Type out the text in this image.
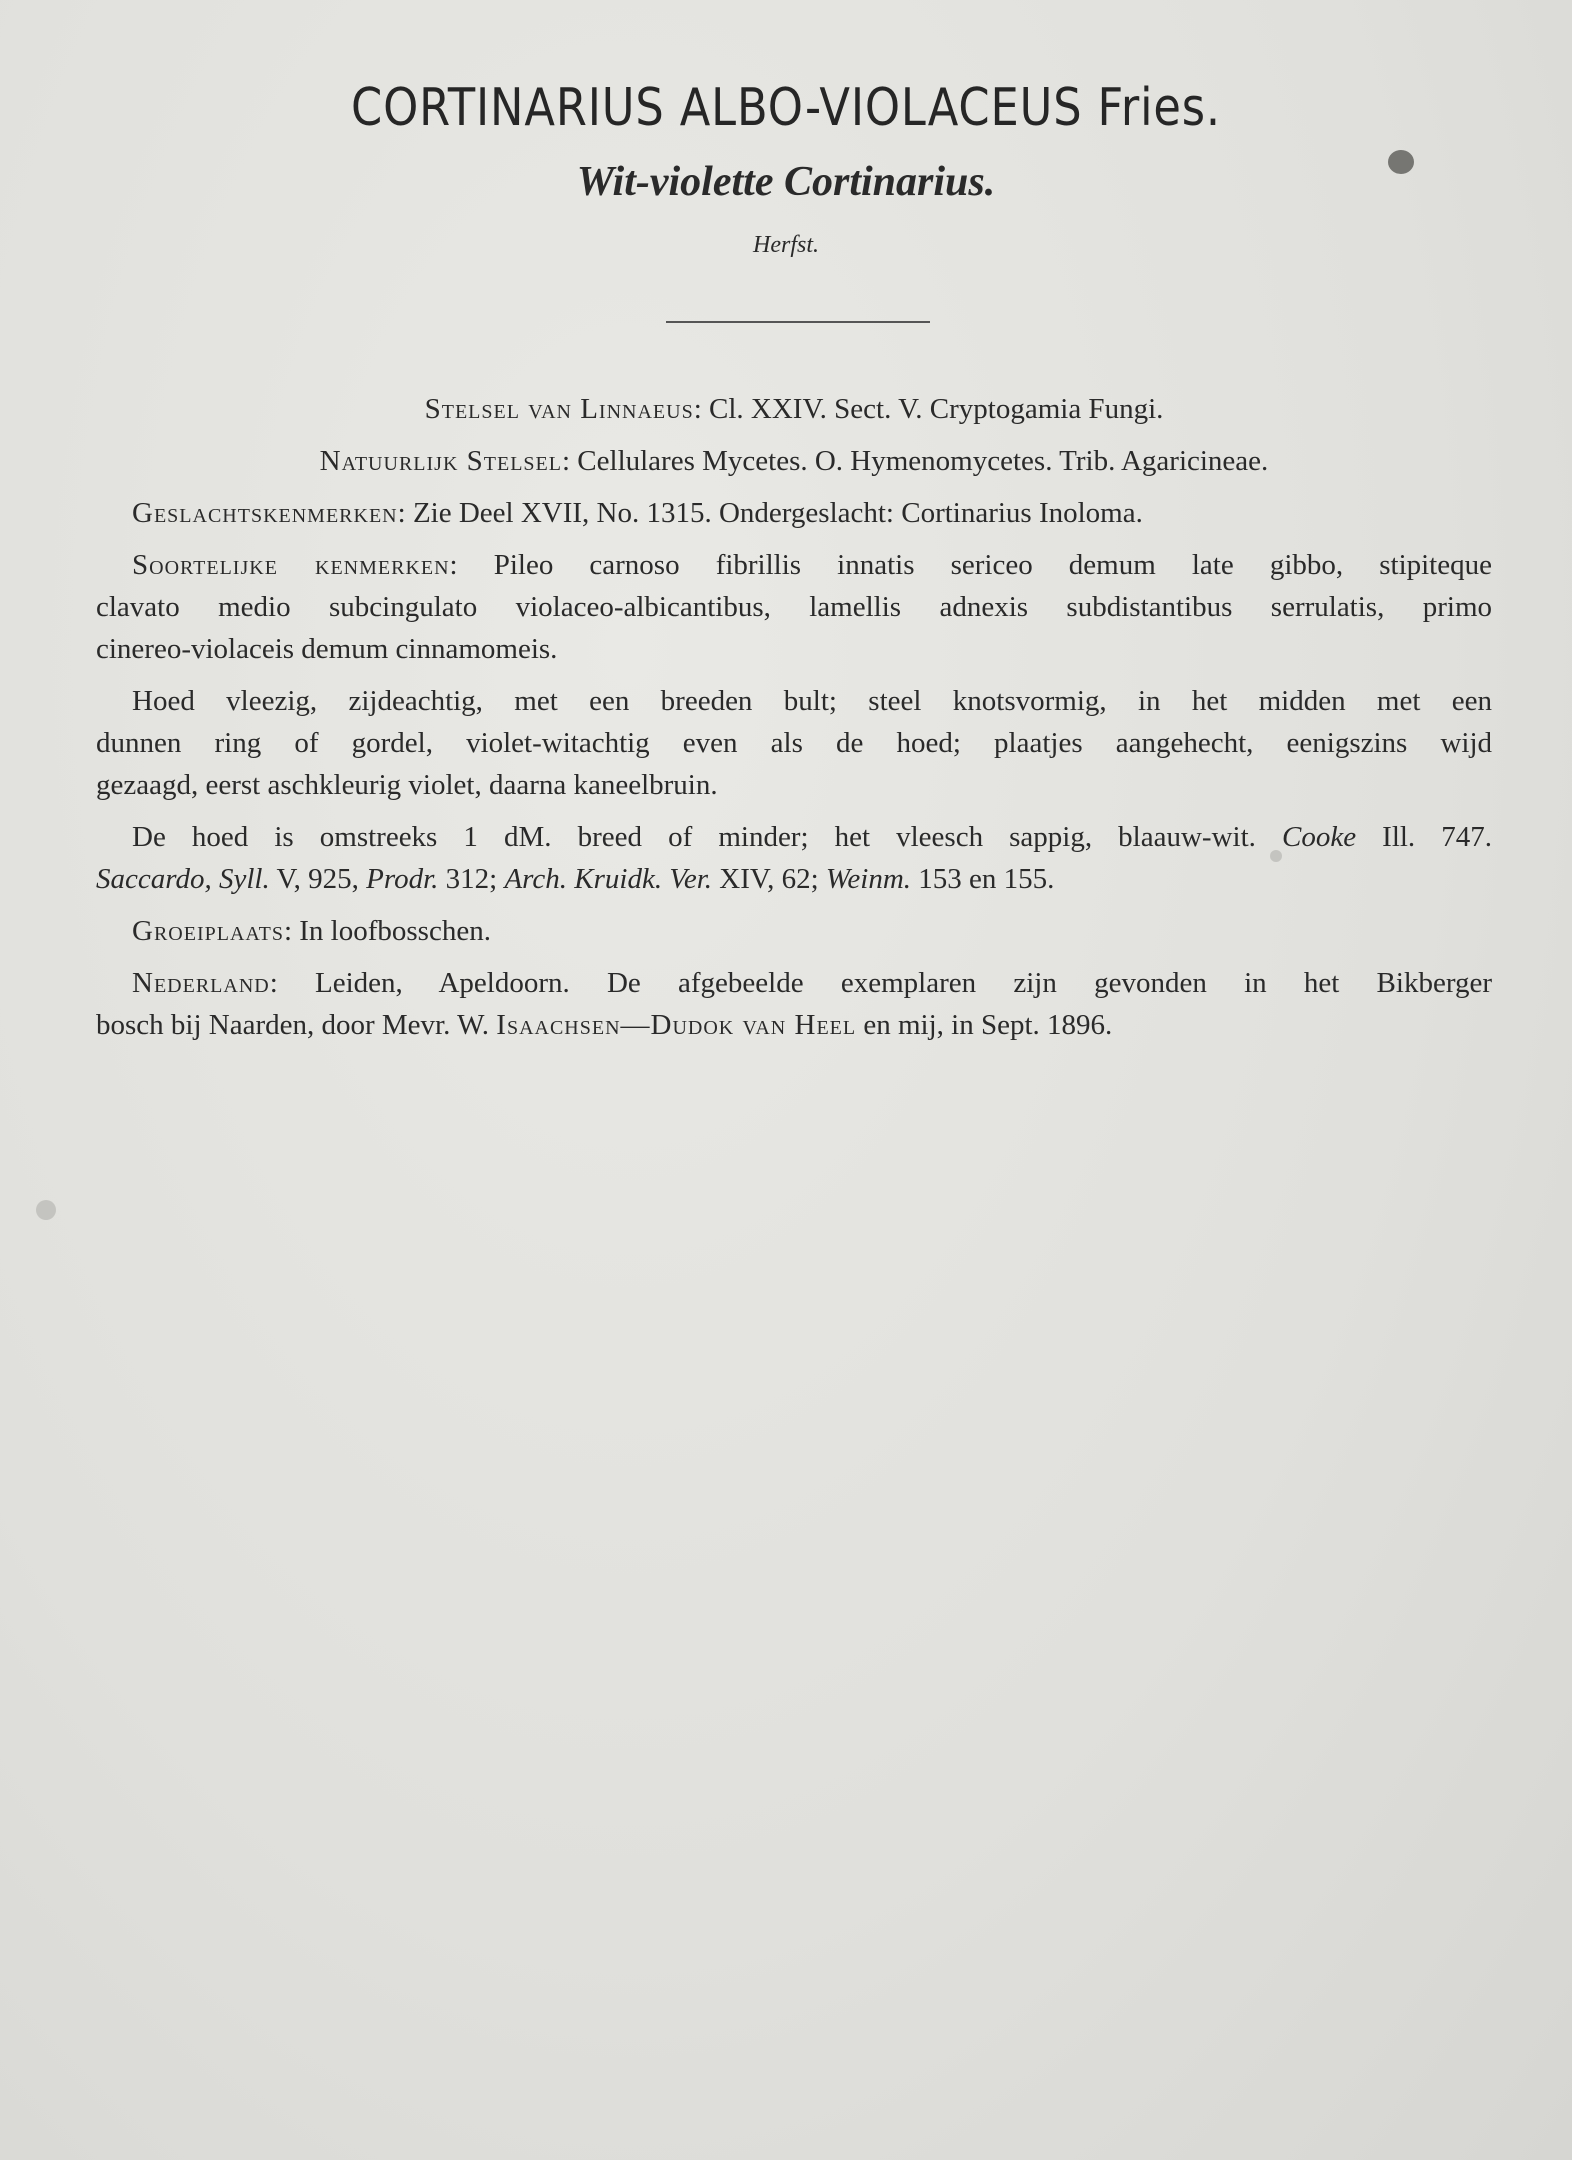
CORTINARIUS ALBO-VIOLACEUS Fries.
Wit-violette Cortinarius.
Herfst.
Stelsel van Linnaeus: Cl. XXIV. Sect. V. Cryptogamia Fungi.
Natuurlijk Stelsel: Cellulares Mycetes. O. Hymenomycetes. Trib. Agaricineae.
Geslachtskenmerken: Zie Deel XVII, No. 1315. Ondergeslacht: Cortinarius Inoloma.
Soortelijke kenmerken: Pileo carnoso fibrillis innatis sericeo demum late gibbo, stipiteque
clavato medio subcingulato violaceo-albicantibus, lamellis adnexis subdistantibus serrulatis, primo
cinereo-violaceis demum cinnamomeis.
Hoed vleezig, zijdeachtig, met een breeden bult; steel knotsvormig, in het midden met een
dunnen ring of gordel, violet-witachtig even als de hoed; plaatjes aangehecht, eenigszins wijd
gezaagd, eerst aschkleurig violet, daarna kaneelbruin.
De hoed is omstreeks 1 dM. breed of minder; het vleesch sappig, blaauw-wit. Cooke Ill. 747.
Saccardo, Syll. V, 925, Prodr. 312; Arch. Kruidk. Ver. XIV, 62; Weinm. 153 en 155.
Groeiplaats: In loofbosschen.
Nederland: Leiden, Apeldoorn. De afgebeelde exemplaren zijn gevonden in het Bikberger
bosch bij Naarden, door Mevr. W. Isaachsen—Dudok van Heel en mij, in Sept. 1896.
